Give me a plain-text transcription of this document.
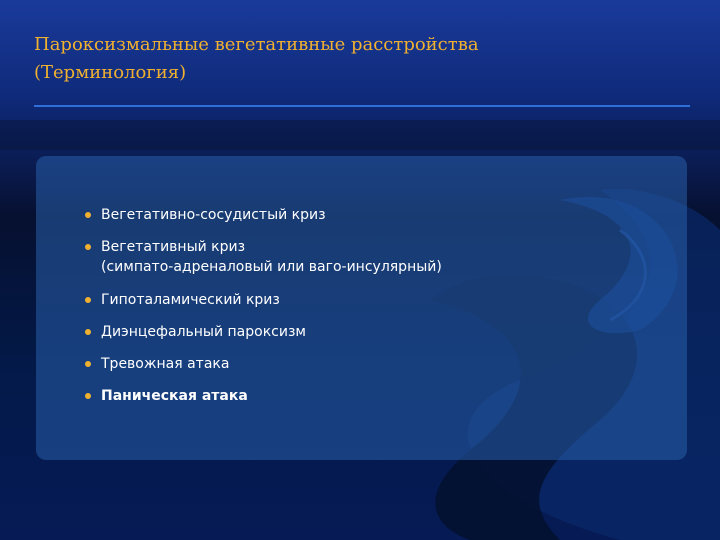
Пароксизмальные вегетативные расстройства
(Терминология)
Вегетативно-сосудистый криз
Вегетативный криз
(симпато-адреналовый или ваго-инсулярный)
Гипоталамический криз
Диэнцефальный пароксизм
Тревожная атака
Паническая атака
